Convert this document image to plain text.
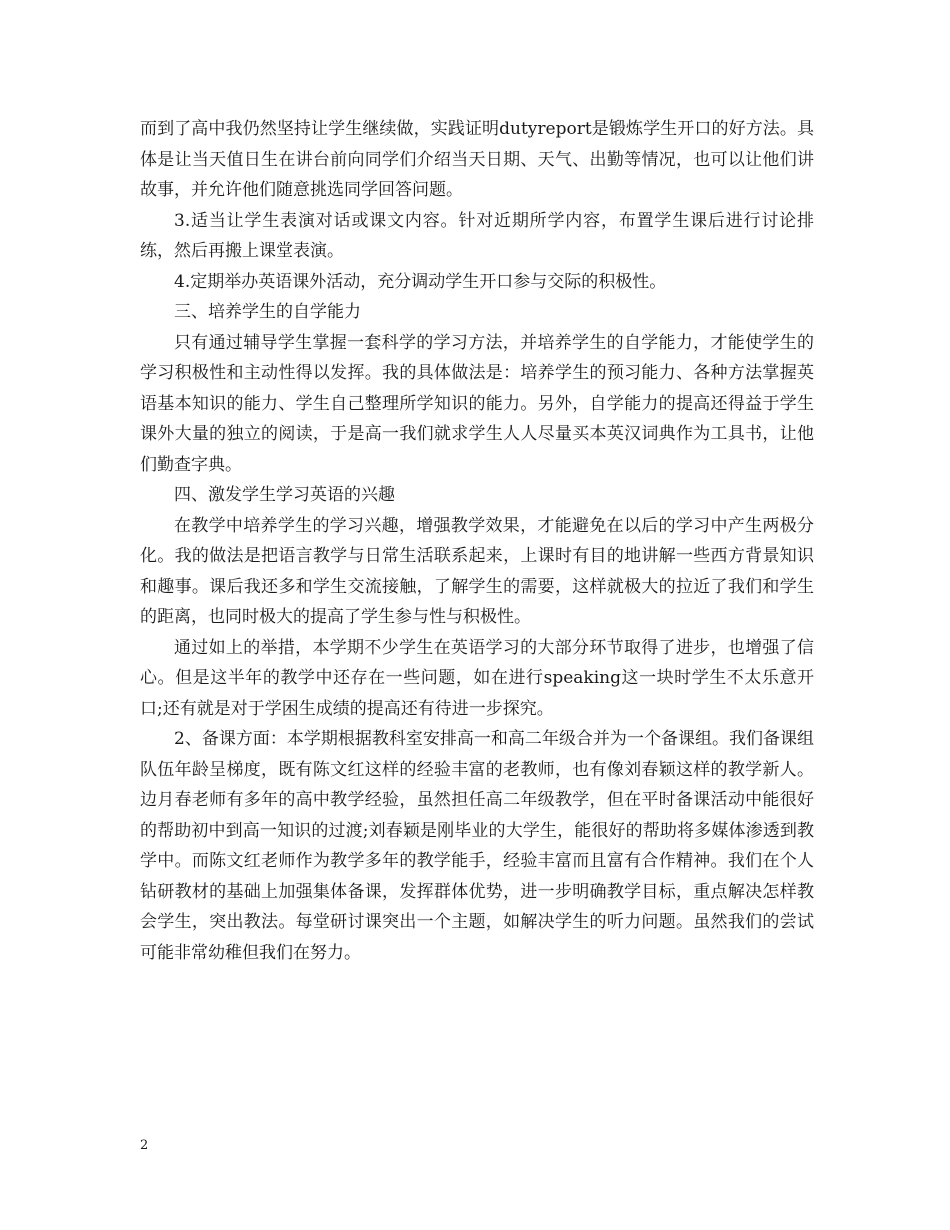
而到了高中我仍然坚持让学生继续做，实践证明dutyreport是锻炼学生开口的好方法。具体是让当天值日生在讲台前向同学们介绍当天日期、天气、出勤等情况，也可以让他们讲故事，并允许他们随意挑选同学回答问题。

3.适当让学生表演对话或课文内容。针对近期所学内容，布置学生课后进行讨论排练，然后再搬上课堂表演。

4.定期举办英语课外活动，充分调动学生开口参与交际的积极性。

三、培养学生的自学能力

只有通过辅导学生掌握一套科学的学习方法，并培养学生的自学能力，才能使学生的学习积极性和主动性得以发挥。我的具体做法是：培养学生的预习能力、各种方法掌握英语基本知识的能力、学生自己整理所学知识的能力。另外，自学能力的提高还得益于学生课外大量的独立的阅读，于是高一我们就求学生人人尽量买本英汉词典作为工具书，让他们勤查字典。

四、激发学生学习英语的兴趣

在教学中培养学生的学习兴趣，增强教学效果，才能避免在以后的学习中产生两极分化。我的做法是把语言教学与日常生活联系起来，上课时有目的地讲解一些西方背景知识和趣事。课后我还多和学生交流接触，了解学生的需要，这样就极大的拉近了我们和学生的距离，也同时极大的提高了学生参与性与积极性。

通过如上的举措，本学期不少学生在英语学习的大部分环节取得了进步，也增强了信心。但是这半年的教学中还存在一些问题，如在进行speaking这一块时学生不太乐意开口;还有就是对于学困生成绩的提高还有待进一步探究。

2、备课方面：本学期根据教科室安排高一和高二年级合并为一个备课组。我们备课组队伍年龄呈梯度，既有陈文红这样的经验丰富的老教师，也有像刘春颖这样的教学新人。边月春老师有多年的高中教学经验，虽然担任高二年级教学，但在平时备课活动中能很好的帮助初中到高一知识的过渡;刘春颖是刚毕业的大学生，能很好的帮助将多媒体渗透到教学中。而陈文红老师作为教学多年的教学能手，经验丰富而且富有合作精神。我们在个人钻研教材的基础上加强集体备课，发挥群体优势，进一步明确教学目标，重点解决怎样教会学生，突出教法。每堂研讨课突出一个主题，如解决学生的听力问题。虽然我们的尝试可能非常幼稚但我们在努力。

2
